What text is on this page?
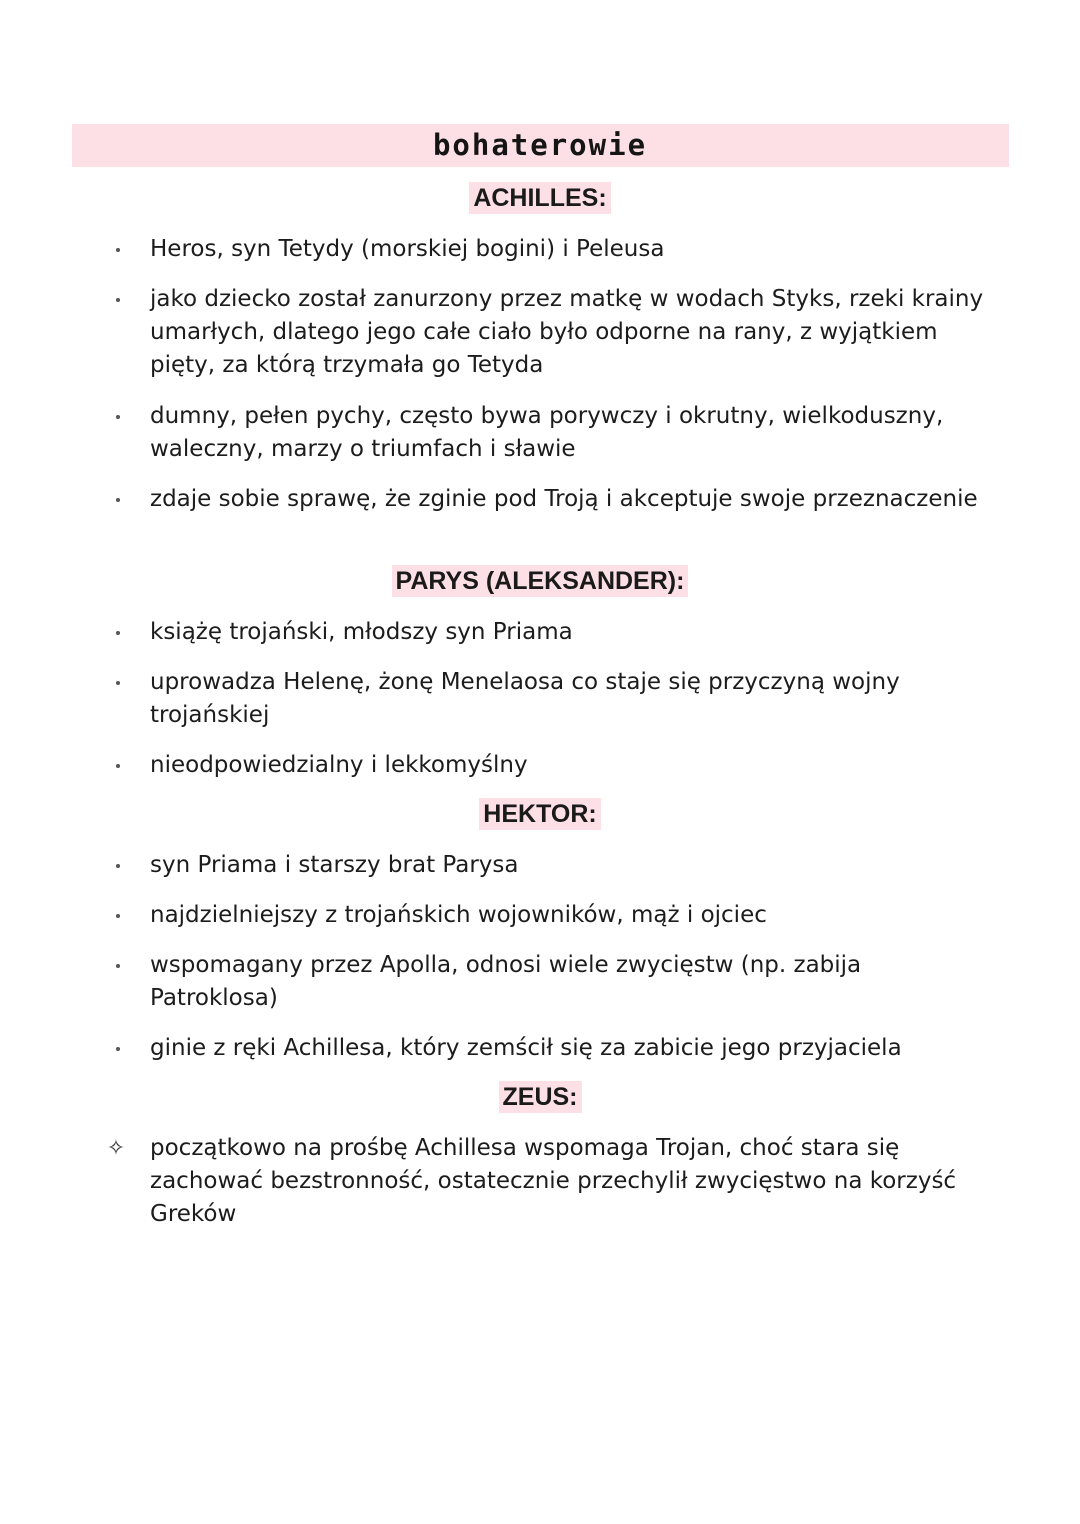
bohaterowie
ACHILLES:
Heros, syn Tetydy (morskiej bogini) i Peleusa
jako dziecko został zanurzony przez matkę w wodach Styks, rzeki krainy umarłych, dlatego jego całe ciało było odporne na rany, z wyjątkiem pięty, za którą trzymała go Tetyda
dumny, pełen pychy, często bywa porywczy i okrutny, wielkoduszny, waleczny, marzy o triumfach i sławie
zdaje sobie sprawę, że zginie pod Troją i akceptuje swoje przeznaczenie
PARYS (ALEKSANDER):
książę trojański, młodszy syn Priama
uprowadza Helenę, żonę Menelaosa co staje się przyczyną wojny trojańskiej
nieodpowiedzialny i lekkomyślny
HEKTOR:
syn Priama i starszy brat Parysa
najdzielniejszy z trojańskich wojowników, mąż i ojciec
wspomagany przez Apolla, odnosi wiele zwycięstw (np. zabija Patroklosa)
ginie z ręki Achillesa, który zemścił się za zabicie jego przyjaciela
ZEUS:
✧ początkowo na prośbę Achillesa wspomaga Trojan, choć stara się zachować bezstronność, ostatecznie przechylił zwycięstwo na korzyść Greków
